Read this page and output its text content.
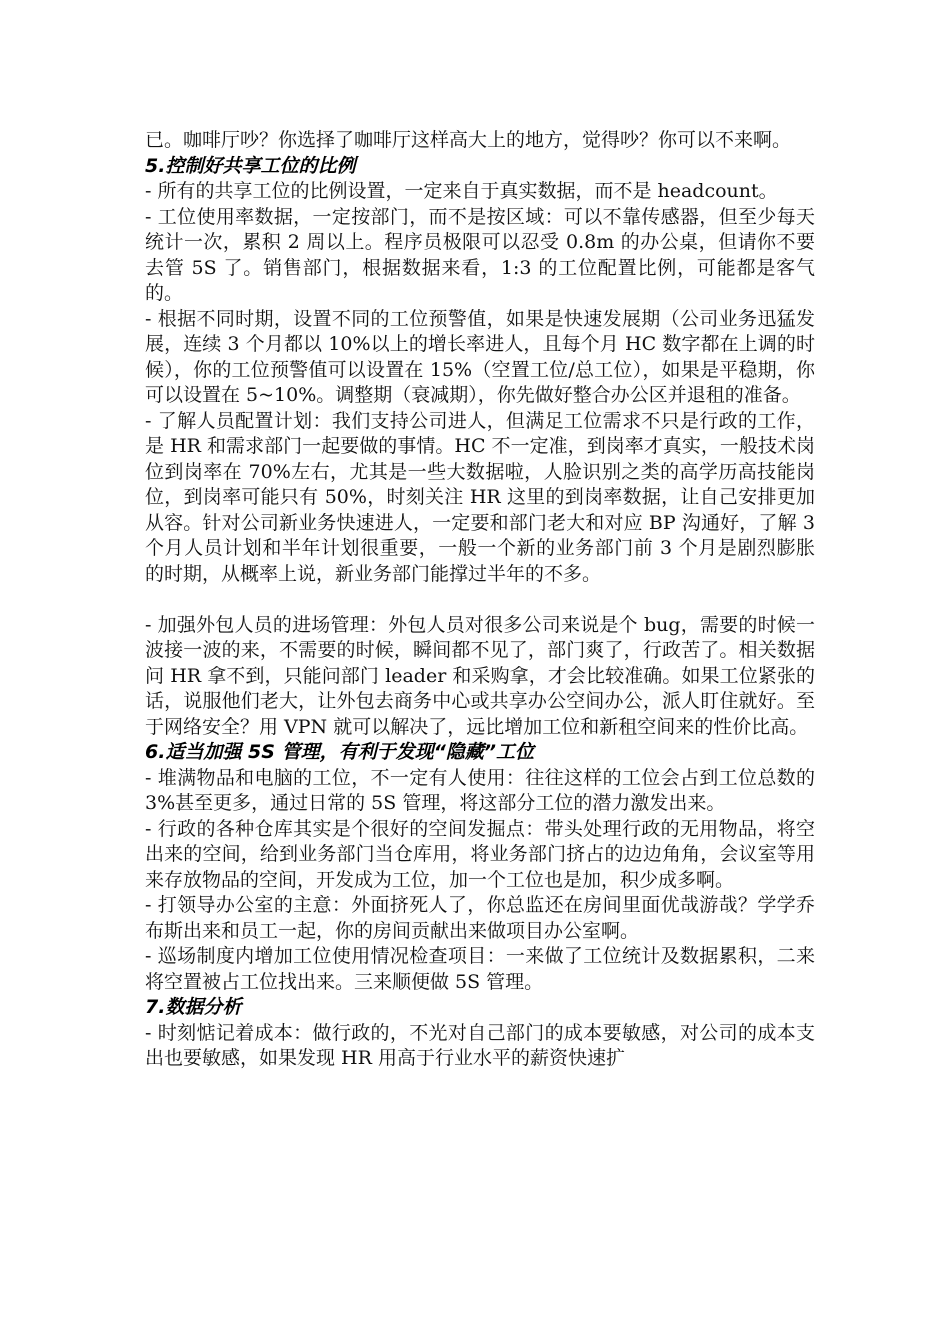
已。咖啡厅吵？你选择了咖啡厅这样高大上的地方，觉得吵？你可以不来啊。

5.控制好共享工位的比例

- 所有的共享工位的比例设置，一定来自于真实数据，而不是 headcount。

- 工位使用率数据，一定按部门，而不是按区域：可以不靠传感器，但至少每天统计一次，累积 2 周以上。程序员极限可以忍受 0.8m 的办公桌，但请你不要去管 5S 了。销售部门，根据数据来看，1:3 的工位配置比例，可能都是客气的。

- 根据不同时期，设置不同的工位预警值，如果是快速发展期（公司业务迅猛发展，连续 3 个月都以 10%以上的增长率进人，且每个月 HC 数字都在上调的时候），你的工位预警值可以设置在 15%（空置工位/总工位），如果是平稳期，你可以设置在 5~10%。调整期（衰减期），你先做好整合办公区并退租的准备。

- 了解人员配置计划：我们支持公司进人，但满足工位需求不只是行政的工作，是 HR 和需求部门一起要做的事情。HC 不一定准，到岗率才真实，一般技术岗位到岗率在 70%左右，尤其是一些大数据啦，人脸识别之类的高学历高技能岗位，到岗率可能只有 50%，时刻关注 HR 这里的到岗率数据，让自己安排更加从容。针对公司新业务快速进人，一定要和部门老大和对应 BP 沟通好，了解 3 个月人员计划和半年计划很重要，一般一个新的业务部门前 3 个月是剧烈膨胀的时期，从概率上说，新业务部门能撑过半年的不多。

- 加强外包人员的进场管理：外包人员对很多公司来说是个 bug，需要的时候一波接一波的来，不需要的时候，瞬间都不见了，部门爽了，行政苦了。相关数据问 HR 拿不到，只能问部门 leader 和采购拿，才会比较准确。如果工位紧张的话，说服他们老大，让外包去商务中心或共享办公空间办公，派人盯住就好。至于网络安全？用 VPN 就可以解决了，远比增加工位和新租空间来的性价比高。

6.适当加强 5S 管理，有利于发现“隐藏”工位

- 堆满物品和电脑的工位，不一定有人使用：往往这样的工位会占到工位总数的 3%甚至更多，通过日常的 5S 管理，将这部分工位的潜力激发出来。

- 行政的各种仓库其实是个很好的空间发掘点：带头处理行政的无用物品，将空出来的空间，给到业务部门当仓库用，将业务部门挤占的边边角角，会议室等用来存放物品的空间，开发成为工位，加一个工位也是加，积少成多啊。

- 打领导办公室的主意：外面挤死人了，你总监还在房间里面优哉游哉？学学乔布斯出来和员工一起，你的房间贡献出来做项目办公室啊。

- 巡场制度内增加工位使用情况检查项目：一来做了工位统计及数据累积，二来将空置被占工位找出来。三来顺便做 5S 管理。

7.数据分析

- 时刻惦记着成本：做行政的，不光对自己部门的成本要敏感，对公司的成本支出也要敏感，如果发现 HR 用高于行业水平的薪资快速扩
